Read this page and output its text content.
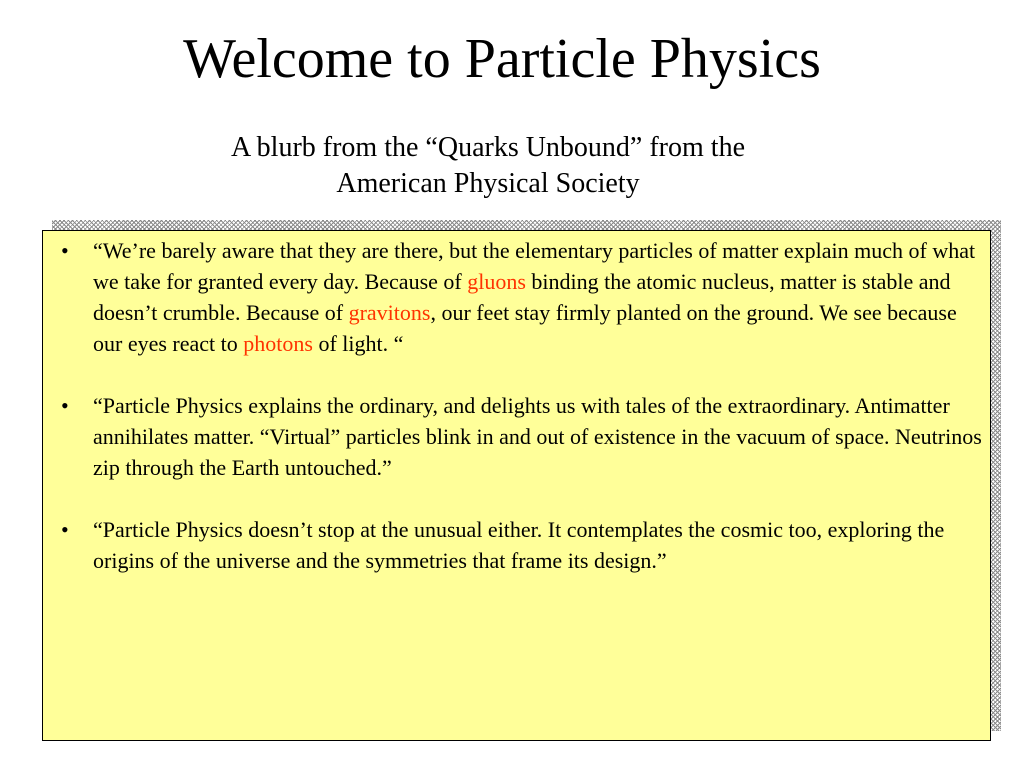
Welcome to Particle Physics
A blurb from the “Quarks Unbound” from the
American Physical Society
• “We’re barely aware that they are there, but the elementary particles of matter explain much of what we take for granted every day. Because of gluons binding the atomic nucleus, matter is stable and doesn’t crumble. Because of gravitons, our feet stay firmly planted on the ground. We see because our eyes react to photons of light. “
• “Particle Physics explains the ordinary, and delights us with tales of the extraordinary. Antimatter annihilates matter. “Virtual” particles blink in and out of existence in the vacuum of space. Neutrinos zip through the Earth untouched.”
• “Particle Physics doesn’t stop at the unusual either. It contemplates the cosmic too, exploring the origins of the universe and the symmetries that frame its design.”
